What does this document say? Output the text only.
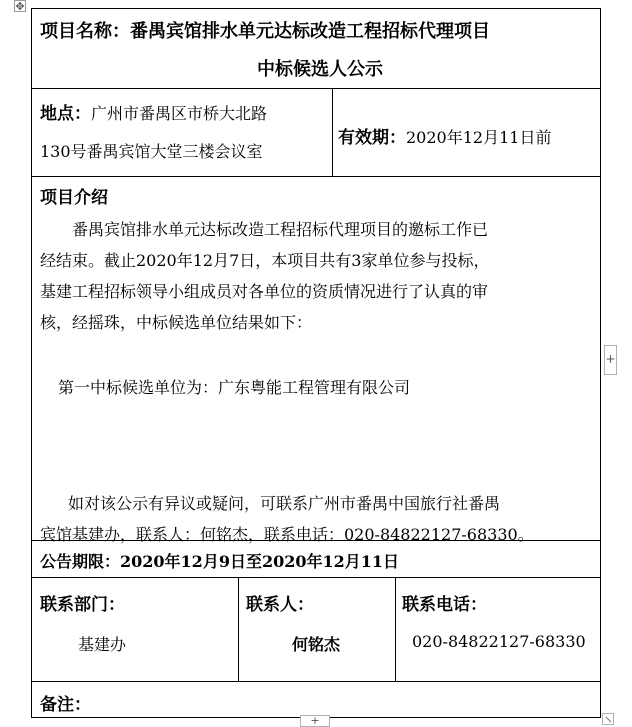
✥
项目名称：番禺宾馆排水单元达标改造工程招标代理项目
中标候选人公示
地点：广州市番禺区市桥大北路
130号番禺宾馆大堂三楼会议室
有效期：2020年12月11日前
项目介绍
番禺宾馆排水单元达标改造工程招标代理项目的邀标工作已
经结束。截止2020年12月7日，本项目共有3家单位参与投标，
基建工程招标领导小组成员对各单位的资质情况进行了认真的审
核，经摇珠，中标候选单位结果如下：
第一中标候选单位为：广东粤能工程管理有限公司
如对该公示有异议或疑问，可联系广州市番禺中国旅行社番禺
宾馆基建办，联系人：何铭杰，联系电话：020-84822127-68330。
公告期限：2020年12月9日至2020年12月11日
联系部门：
基建办
联系人：
何铭杰
联系电话：
020-84822127-68330
备注：
+
+
